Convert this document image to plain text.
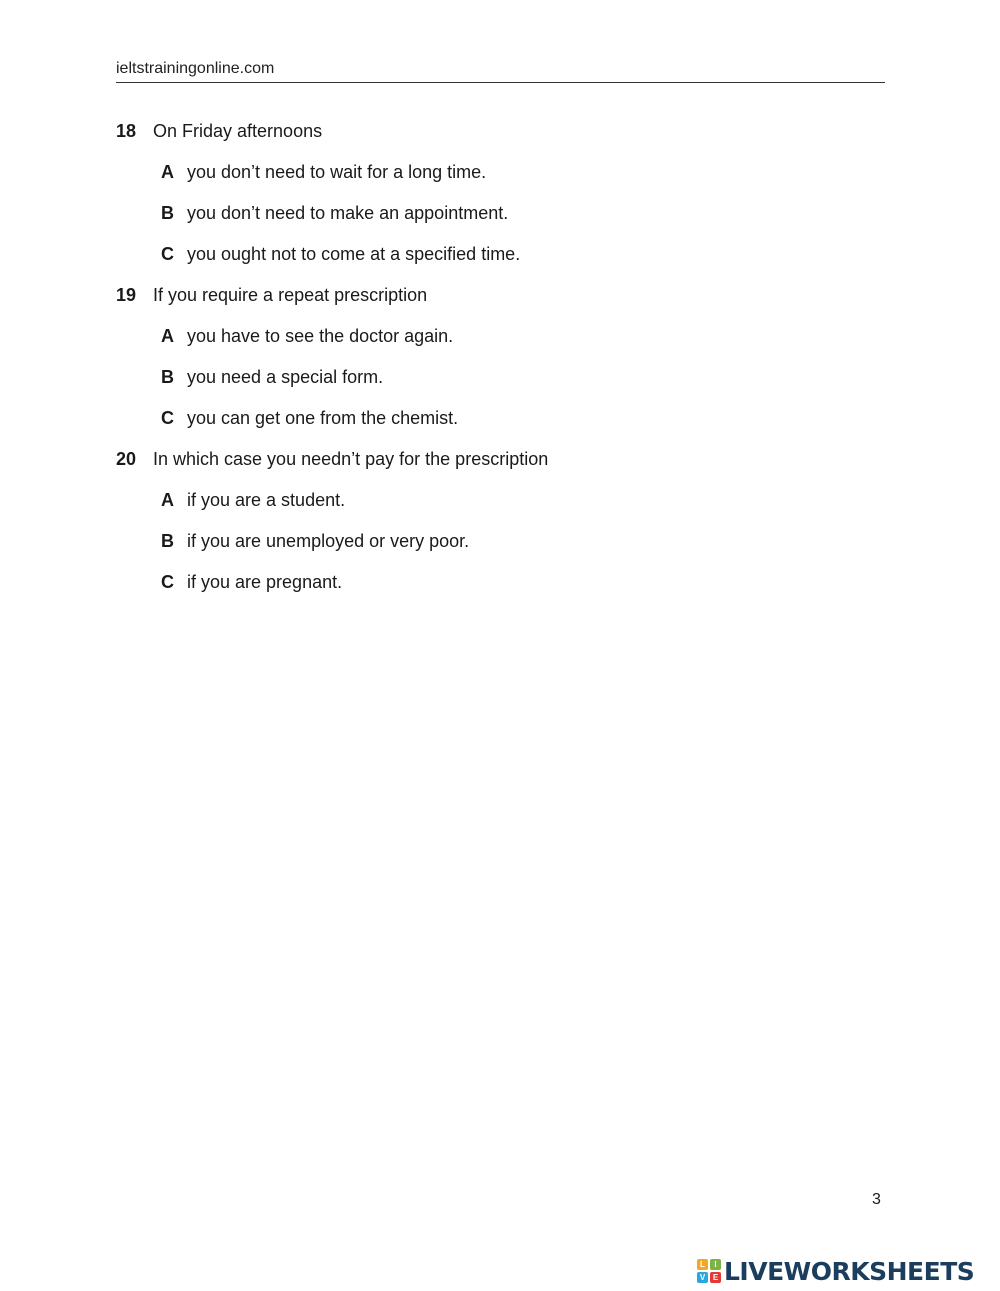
ieltstrainingonline.com
18 On Friday afternoons
A you don’t need to wait for a long time.
B you don’t need to make an appointment.
C you ought not to come at a specified time.
19 If you require a repeat prescription
A you have to see the doctor again.
B you need a special form.
C you can get one from the chemist.
20 In which case you needn’t pay for the prescription
A if you are a student.
B if you are unemployed or very poor.
C if you are pregnant.
3
L	I
V E LIVEWORKSHEETS
